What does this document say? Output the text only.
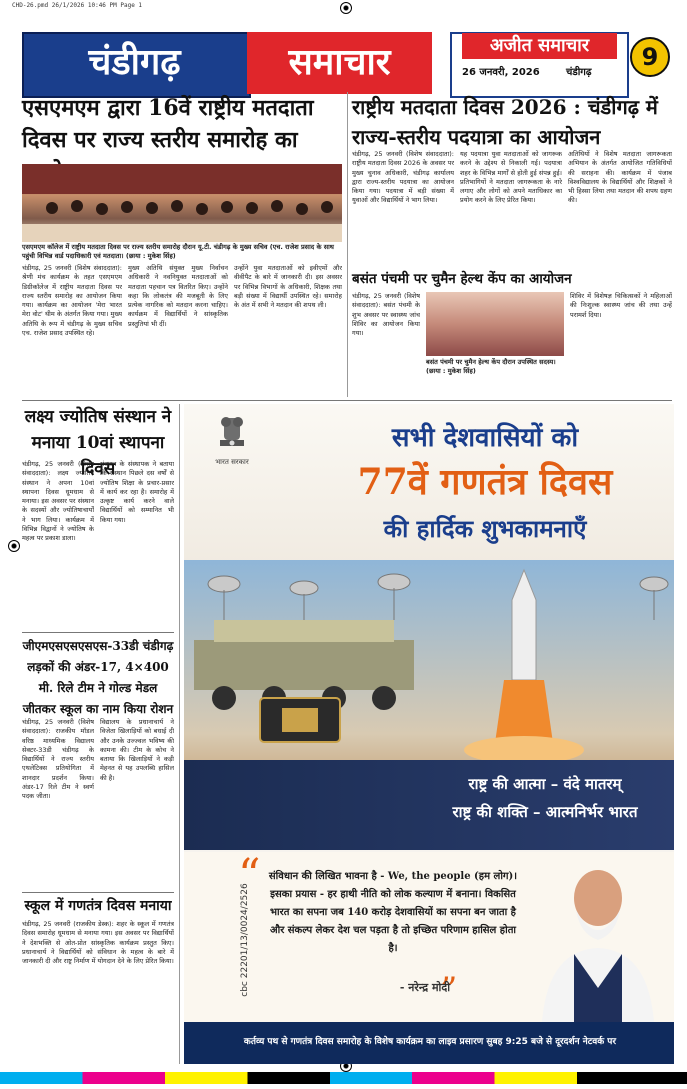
CHD-26.pmd 26/1/2026 10:46 PM Page 1
चंडीगढ़	समाचार	अजीत समाचार
26 जनवरी, 2026	चंडीगढ़
9
एसएमएम द्वारा 16वें राष्ट्रीय मतदाता दिवस पर राज्य स्तरीय समारोह का
एसएमएम कॉलेज में राष्ट्रीय मतदाता दिवस पर राज्य स्तरीय समारोह दौरान यू.टी. चंडीगढ़ के मुख्य सचिव (एच. राजेश प्रसाद के साथ पहुंची विभिन्न वार्ड पदाधिकारी एवं मतदाता। (छाया : मुकेश सिंह)
चंडीगढ़, 25 जनवरी (विशेष संवाददाता): श्रेणी मंच कार्यक्रम के तहत एसएमएम डिग्रीकॉलेज में राष्ट्रीय मतदाता दिवस पर राज्य स्तरीय समारोह का आयोजन किया गया। कार्यक्रम का आयोजन 'मेरा भारत मेरा वोट' थीम के अंतर्गत किया गया। मुख्य अतिथि के रूप में चंडीगढ़ के मुख्य सचिव एच. राजेश प्रसाद उपस्थित रहे।
मुख्य अतिथि संयुक्त मुख्य निर्वाचन अधिकारी ने नवनियुक्त मतदाताओं को मतदाता पहचान पत्र वितरित किए। उन्होंने कहा कि लोकतंत्र की मजबूती के लिए प्रत्येक नागरिक को मतदान करना चाहिए। कार्यक्रम में विद्यार्थियों ने सांस्कृतिक प्रस्तुतियां भी दीं।
उन्होंने युवा मतदाताओं को इवीएमों और वीवीपैट के बारे में जानकारी दी। इस अवसर पर विभिन्न विभागों के अधिकारी, शिक्षक तथा बड़ी संख्या में विद्यार्थी उपस्थित रहे। समारोह के अंत में सभी ने मतदान की शपथ ली।
राष्ट्रीय मतदाता दिवस 2026 : चंडीगढ़ में राज्य-स्तरीय पदयात्रा का आयोजन
चंडीगढ़, 25 जनवरी (विशेष संवाददाता): राष्ट्रीय मतदाता दिवस 2026 के अवसर पर मुख्य चुनाव अधिकारी, चंडीगढ़ कार्यालय द्वारा राज्य-स्तरीय पदयात्रा का आयोजन किया गया। पदयात्रा में बड़ी संख्या में युवाओं और विद्यार्थियों ने भाग लिया।
यह पदयात्रा युवा मतदाताओं को जागरूक करने के उद्देश्य से निकाली गई। पदयात्रा शहर के विभिन्न मार्गों से होती हुई संपन्न हुई। प्रतिभागियों ने मतदाता जागरूकता के नारे लगाए और लोगों को अपने मताधिकार का प्रयोग करने के लिए प्रेरित किया।
अतिथियों ने विशेष मतदाता जागरूकता अभियान के अंतर्गत आयोजित गतिविधियों की सराहना की। कार्यक्रम में पंजाब विश्वविद्यालय के विद्यार्थियों और शिक्षकों ने भी हिस्सा लिया तथा मतदान की शपथ ग्रहण की।
बसंत पंचमी पर चुमैन हेल्थ केंप का आयोजन
चंडीगढ़, 25 जनवरी (विशेष संवाददाता): बसंत पंचमी के शुभ अवसर पर स्वास्थ्य जांच शिविर का आयोजन किया गया।
बसंत पंचमी पर चुमैन हेल्थ केंप दौरान उपस्थित सदस्य। (छाया : मुकेश सिंह)
शिविर में विशेषज्ञ चिकित्सकों ने महिलाओं की निःशुल्क स्वास्थ्य जांच की तथा उन्हें परामर्श दिया।
लक्ष्य ज्योतिष संस्थान ने मनाया 10वां स्थापना दिवस
चंडीगढ़, 25 जनवरी (विशेष संवाददाता): लक्ष्य ज्योतिष संस्थान ने अपना 10वां स्थापना दिवस धूमधाम से मनाया। इस अवसर पर संस्थान के सदस्यों और ज्योतिषाचार्यों ने भाग लिया। कार्यक्रम में विभिन्न विद्वानों ने ज्योतिष के महत्व पर प्रकाश डाला।
संस्थान के संस्थापक ने बताया कि संस्थान पिछले दस वर्षों से ज्योतिष शिक्षा के प्रचार-प्रसार में कार्य कर रहा है। समारोह में उत्कृष्ट कार्य करने वाले विद्यार्थियों को सम्मानित भी किया गया।
जीएमएसएसएसएस-33डी चंडीगढ़ लड़कों की अंडर-17, 4×400 मी. रिले टीम ने गोल्ड मेडल जीतकर स्कूल का नाम किया रोशन
चंडीगढ़, 25 जनवरी (विशेष संवाददाता): राजकीय मॉडल वरिष्ठ माध्यमिक विद्यालय सेक्टर-33डी चंडीगढ़ के विद्यार्थियों ने राज्य स्तरीय एथलेटिक्स प्रतियोगिता में शानदार प्रदर्शन किया। अंडर-17 रिले टीम ने स्वर्ण पदक जीता।
विद्यालय के प्रधानाचार्य ने विजेता खिलाड़ियों को बधाई दी और उनके उज्ज्वल भविष्य की कामना की। टीम के कोच ने बताया कि खिलाड़ियों ने कड़ी मेहनत से यह उपलब्धि हासिल की है।
स्कूल में गणतंत्र दिवस मनाया
चंडीगढ़, 25 जनवरी (राजकीय डेस्क): शहर के स्कूल में गणतंत्र दिवस समारोह धूमधाम से मनाया गया। इस अवसर पर विद्यार्थियों ने देशभक्ति से ओत-प्रोत सांस्कृतिक कार्यक्रम प्रस्तुत किए। प्रधानाचार्य ने विद्यार्थियों को संविधान के महत्व के बारे में जानकारी दी और राष्ट्र निर्माण में योगदान देने के लिए प्रेरित किया।
भारत सरकार
सभी देशवासियों को
77वें गणतंत्र दिवस
की हार्दिक शुभकामनाएँ
राष्ट्र की आत्मा – वंदे मातरम्
राष्ट्र की शक्ति – आत्मनिर्भर भारत
cbc 22201/13/0024/2526
“ संविधान की लिखित भावना है - We, the people (हम लोग)। इसका प्रयास - हर हाथी नीति को लोक कल्याण में बनाना। विकसित भारत का सपना जब 140 करोड़ देशवासियों का सपना बन जाता है और संकल्प लेकर देश चल पड़ता है तो इच्छित परिणाम हासिल होता है।
”
- नरेन्द्र मोदी
कर्तव्य पथ से गणतंत्र दिवस समारोह के विशेष कार्यक्रम का लाइव प्रसारण सुबह 9:25 बजे से दूरदर्शन नेटवर्क पर
